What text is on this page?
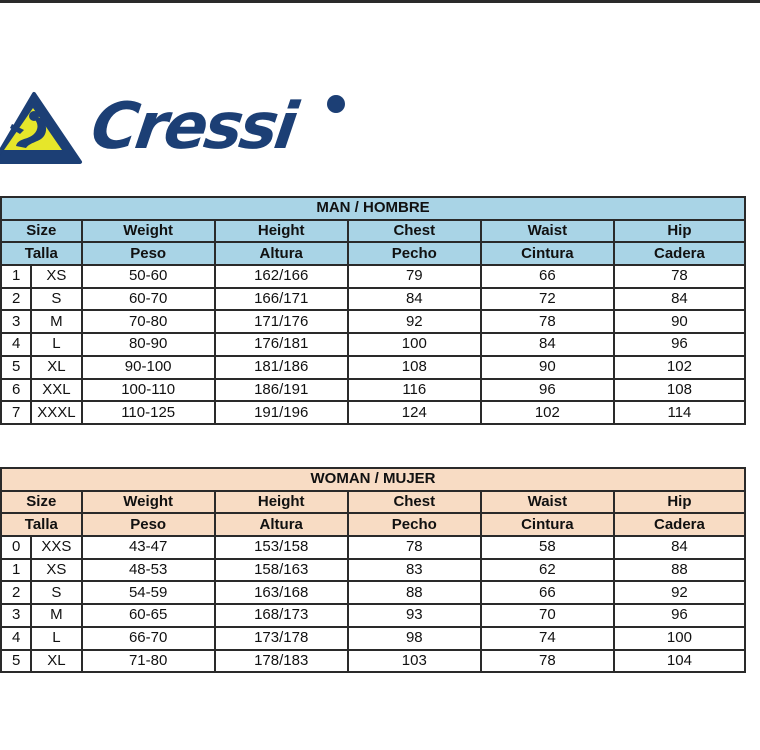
Cressi
MAN / HOMBRE						
Size		Weight	Height	Chest	Waist	Hip
Talla		Peso	Altura	Pecho	Cintura	Cadera
1	XS	50-60	162/166	79	66	78
2	S	60-70	166/171	84	72	84
3	M	70-80	171/176	92	78	90
4	L	80-90	176/181	100	84	96
5	XL	90-100	181/186	108	90	102
6	XXL	100-110	186/191	116	96	108
7	XXXL	110-125	191/196	124	102	114
WOMAN / MUJER						
Size		Weight	Height	Chest	Waist	Hip
Talla		Peso	Altura	Pecho	Cintura	Cadera
0	XXS	43-47	153/158	78	58	84
1	XS	48-53	158/163	83	62	88
2	S	54-59	163/168	88	66	92
3	M	60-65	168/173	93	70	96
4	L	66-70	173/178	98	74	100
5	XL	71-80	178/183	103	78	104
